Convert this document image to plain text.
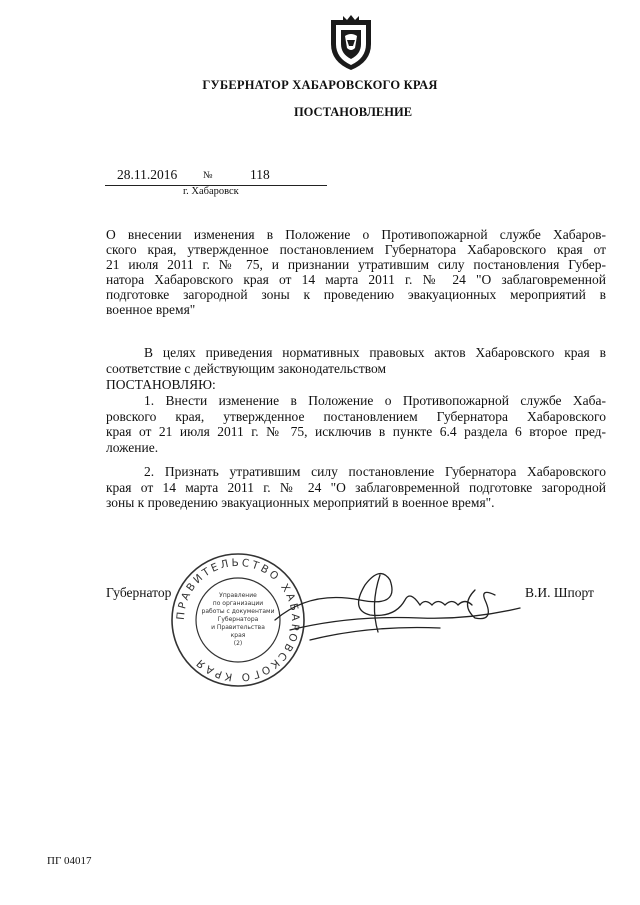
ГУБЕРНАТОР ХАБАРОВСКОГО КРАЯ
ПОСТАНОВЛЕНИЕ
28.11.2016	№	118
г. Хабаровск
О внесении изменения в Положение о Противопожарной службе Хабаров-
ского края, утвержденное постановлением Губернатора Хабаровского края от
21 июля 2011 г. № 75, и признании утратившим силу постановления Губер-
натора Хабаровского края от 14 марта 2011 г. № 24 "О заблаговременной
подготовке загородной зоны к проведению эвакуационных мероприятий в
военное время"
В целях приведения нормативных правовых актов Хабаровского края в
соответствие с действующим законодательством
ПОСТАНОВЛЯЮ:
1. Внести изменение в Положение о Противопожарной службе Хаба-
ровского края, утвержденное постановлением Губернатора Хабаровского
края от 21 июля 2011 г. № 75, исключив в пункте 6.4 раздела 6 второе пред-
ложение.
2. Признать утратившим силу постановление Губернатора Хабаровского
края от 14 марта 2011 г. № 24 "О заблаговременной подготовке загородной
зоны к проведению эвакуационных мероприятий в военное время".
Губернатор
ПРАВИТЕЛЬСТВО ХАБАРОВСКОГО КРАЯ
Управление
по организации
работы с документами
Губернатора
и Правительства
края
(2)
В.И. Шпорт
ПГ 04017
